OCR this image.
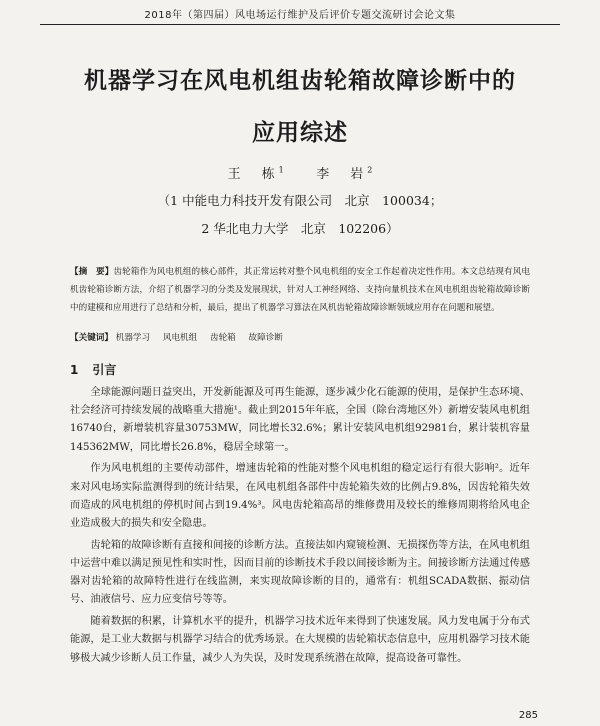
2018年（第四届）风电场运行维护及后评价专题交流研讨会论文集
机器学习在风电机组齿轮箱故障诊断中的
应用综述
王　栋$^1$	李　岩$^2$
（1 中能电力科技开发有限公司　北京　100034；
2 华北电力大学　北京　102206）
【摘　要】齿轮箱作为风电机组的核心部件，其正常运转对整个风电机组的安全工作起着决定性作用。本文总结现有风电机齿轮箱诊断方法，介绍了机器学习的分类及发展现状，针对人工神经网络、支持向量机技术在风电机组齿轮箱故障诊断中的建模和应用进行了总结和分析，最后，提出了机器学习算法在风机齿轮箱故障诊断领域应用存在问题和展望。
【关键词】 机器学习 风电机组 齿轮箱 故障诊断
1 引言

全球能源问题日益突出，开发新能源及可再生能源，逐步减少化石能源的使用，是保护生态环境、社会经济可持续发展的战略重大措施¹。截止到2015年年底，全国（除台湾地区外）新增安装风电机组16740台，新增装机容量30753MW，同比增长32.6%；累计安装风电机组92981台，累计装机容量145362MW，同比增长26.8%，稳居全球第一。

作为风电机组的主要传动部件，增速齿轮箱的性能对整个风电机组的稳定运行有很大影响²。近年来对风电场实际监测得到的统计结果，在风电机组各部件中齿轮箱失效的比例占9.8%，因齿轮箱失效而造成的风电机组的停机时间占到19.4%³。风电齿轮箱高昂的维修费用及较长的维修周期将给风电企业造成极大的损失和安全隐患。

齿轮箱的故障诊断有直接和间接的诊断方法。直接法如内窥镜检测、无损探伤等方法，在风电机组中运营中难以满足预见性和实时性，因而目前的诊断技术手段以间接诊断为主。间接诊断方法通过传感器对齿轮箱的故障特性进行在线监测，来实现故障诊断的目的，通常有：机组SCADA数据、振动信号、油液信号、应力应变信号等等。

随着数据的积累，计算机水平的提升，机器学习技术近年来得到了快速发展。风力发电属于分布式能源，是工业大数据与机器学习结合的优秀场景。在大规模的齿轮箱状态信息中，应用机器学习技术能够极大减少诊断人员工作量，减少人为失误，及时发现系统潜在故障，提高设备可靠性。

285
